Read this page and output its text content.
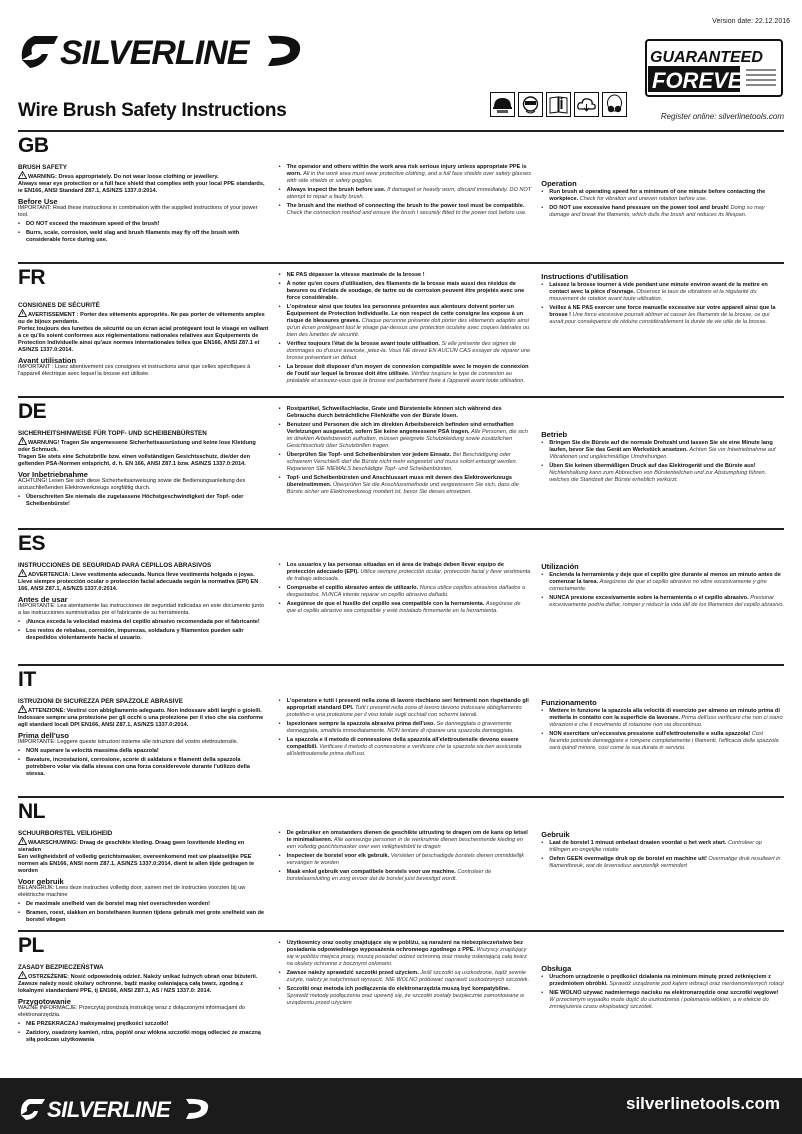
Version date: 22.12.2016
SILVERLINE	GUARANTEED
FOREVER
Wire Brush Safety Instructions	Register online: silverlinetools.com
GB

BRUSH SAFETY

WARNING: Dress appropriately. Do not wear loose clothing or jewellery.

Always wear eye protection or a full face shield that complies with your local PPE standards, ie EN166, ANSI Standard Z87.1, AS/NZS 1337.0:2014.

Before Use

IMPORTANT: Read these instructions in combination with the supplied instructions of your power tool.

• DO NOT exceed the maximum speed of the brush!
• Burrs, scale, corrosion, weld slag and brush filaments may fly off the brush with considerable force during use.
• The operator and others within the work area risk serious injury unless appropriate PPE is worn. All in the work area must wear protective clothing, and a full face shields over safety glasses with side shields or safety goggles.
• Always inspect the brush before use. If damaged or heavily worn, discard immediately. DO NOT attempt to repair a faulty brush.
• The brush and the method of connecting the brush to the power tool must be compatible. Check the connection method and ensure the brush I securely fitted to the power tool before use.

Operation

• Run brush at operating speed for a minimum of one minute before contacting the workpiece. Check for vibration and uneven rotation before use.
• DO NOT use excessive hand pressure on the power tool and brush! Doing so may damage and break the filaments, which dulls the brush and reduces its lifespan.
FR

CONSIGNES DE SÉCURITÉ

AVERTISSEMENT : Porter des vêtements appropriés. Ne pas porter de vêtements amples ou de bijoux pendants.

Portez toujours des lunettes de sécurité ou un écran acial protégeant tout le visage en vaillant à ce qu'ils soient conformes aux règlementations nationales relatives aux Equipements de Protection Individuelle ainsi qu'aux normes internationales telles que EN166, ANSI Z87.1 et AS/NZS 1337.0:2014.

Avant utilisation

IMPORTANT : Lisez attentivement ces consignes et instructions ainsi que celles spécifiques à l'appareil électrique avec lequel la brosse est utilisée.

• NE PAS dépasser la vitesse maximale de la brosse !
• À noter qu'en cours d'utilisation, des filaments de la brosse mais aussi des résidus de bavures ou d'éclats de soudage, de tartre ou de corrosion peuvent être projetés avec une force considérable.
• L'opérateur ainsi que toutes les personnes présentes aux alentours doivent porter un Équipement de Protection Individuelle. Le non respect de cette consigne les expose à un risque de blessures graves. Chaque personne présente doit porter des vêtements adaptés ainsi qu'un écran protégeant tout le visage par-dessus une protection oculaire avec coques latérales ou bien des lunettes de sécurité.
• Vérifiez toujours l'état de la brosse avant toute utilisation. Si elle présente des signes de dommages ou d'usure avancée, jetez-la. Vous NE devez EN AUCUN CAS essayer de réparer une brosse présentant un défaut.
• La brosse doit disposer d'un moyen de connexion compatible avec le moyen de connexion de l'outil sur lequel la brosse doit être utilisée. Vérifiez toujours le type de connexion au préalable et assurez-vous que la brosse est parfaitement fixée à l'appareil avant toute utilisation.

Instructions d'utilisation

• Laissez la brosse tourner à vide pendant une minute environ avant de la mettre en contact avec la pièce d'ouvrage. Observez le taux de vibrations et la régularité du mouvement de rotation avant toute utilisation.
• Veillez à NE PAS exercer une force manuelle excessive sur votre appareil ainsi que la brosse ! Une force excessive pourrait abîmer et casser les filaments de la brosse, ce qui aurait pour conséquence de réduire considérablement la durée de vie utile de la brosse.
DE

SICHERHEITSHINWEISE FÜR TOPF- UND SCHEIBENBÜRSTEN

WARNUNG! Tragen Sie angemessene Sicherheitsausrüstung und keine lose Kleidung oder Schmuck.

Tragen Sie stets eine Schutzbrille bzw. einen vollständigen Gesichtsschutz, die/der den geltenden PSA-Normen entspricht, d. h. EN 166, ANSI Z87.1 bzw. AS/NZS 1337.0:2014.

Vor Inbetriebnahme

ACHTUNG! Lesen Sie sich diese Sicherheitsanweisung sowie die Bedienungsanleitung des anzuschließenden Elektrowerkzeugs sorgfältig durch.

• Überschreiten Sie niemals die zugelassene Höchstgeschwindigkeit der Topf- oder Scheibenbürste!
• Rostpartikel, Schweißschlacke, Grate und Bürstenteile können sich während des Gebrauchs durch beträchtliche Fliehkräfte von der Bürste lösen.
• Benutzer und Personen die sich im direkten Arbeitsbereich befinden sind ernsthaften Verletzungen ausgesetzt, sofern Sie keine angemessene PSA tragen. Alle Personen, die sich im direkten Arbeitsbereich aufhalten, müssen geeignete Schutzkleidung sowie zusätzlichen Gesichtsschutz über Schutzbrillen tragen.
• Überprüfen Sie Topf- und Scheibenbürsten vor jedem Einsatz. Bei Beschädigung oder schwerem Verschleiß darf die Bürste nicht mehr eingesetzt und muss sofort entsorgt werden. Reparieren SIE NIEMALS beschädigte Topf- und Scheibenbürsten.
• Topf- und Scheibenbürsten und Anschlussart muss mit denen des Elektrowerkzeugs übereinstimmen. Überprüfen Sie die Anschlussmethode und vergewissern Sie sich, dass die Bürste sicher am Elektrowerkzeug montiert ist, bevor Sie dieses einsetzen.

Betrieb

• Bringen Sie die Bürste auf die normale Drehzahl und lassen Sie sie eine Minute lang laufen, bevor Sie das Gerät am Werkstück ansetzen. Achten Sie vor Inbetriebnahme auf Vibrationen und ungleichmäßige Umdrehungen.
• Üben Sie keinen übermäßigen Druck auf das Elektrogerät und die Bürste aus! Nichteinhaltung kann zum Abbrechen von Bürstenteilchen und zur Abstumpfung führen, welches die Standzeit der Bürste erheblich verkürzt.
ES

INSTRUCCIONES DE SEGURIDAD PARA CEPILLOS ABRASIVOS

ADVERTENCIA: Lleve vestimenta adecuada. Nunca lleve vestimenta holgada o joyas.

Lleve siempre protección ocular o protección facial adecuada según la normativa (EPI) EN 166, ANSI Z87.1, AS/NZS 1337.0:2014.

Antes de usar

IMPORTANTE: Lea atentamente las instrucciones de seguridad indicadas en este documento junto a las instrucciones suministradas por el fabricante de su herramienta.

• ¡Nunca exceda la velocidad máxima del cepillo abrasivo recomendada por el fabricante!
• Los restos de rebabas, corrosión, impurezas, soldadura y filamentos pueden salir despedidos violentamente hacia el usuario.
• Los usuarios y las personas situadas en el área de trabajo deben llevar equipo de protección adecuado (EPI). Utilice siempre protección ocular, protección facial y lleve vestimenta de trabajo adecuada.
• Compruebe el cepillo abrasivo antes de utilizarlo. Nunca utilice cepillos abrasivos dañados o desgastados. NUNCA intente reparar un cepillo abrasivo dañado.
• Asegúrese de que el husillo del cepillo sea compatible con la herramienta. Asegúrese de que el cepillo abrasivo sea compatible y esté instalado firmemente en la herramienta.

Utilización

• Encienda la herramienta y deje que el cepillo gire durante al menos un minuto antes de comenzar la tarea. Asegúrese de que el cepillo abrasivo no vibre excesivamente y gire correctamente.
• NUNCA presione excesivamente sobre la herramienta o el cepillo abrasivo. Presionar excesivamente podría dañar, romper y reducir la vida útil de los filamentos del cepillo abrasivo.
IT

ISTRUZIONI DI SICUREZZA PER SPAZZOLE ABRASIVE

ATTENZIONE: Vestirsi con abbigliamento adeguato. Non indossare abiti larghi o gioielli.

Indossare sempre una protezione per gli occhi o una protezione per il viso che sia conforme agli standard locali DPI EN166, ANSI Z87.1, AS/NZS 1337.0:2014.

Prima dell'uso

IMPORTANTE: Leggere queste istruzioni insieme alle istruzioni del vostro elettroutensile.

• NON superare la velocità massima della spazzola!
• Bavature, incrostazioni, corrosione, scorie di saldatura e filamenti della spazzola potrebbero volar via dalla stessa con una forza considerevole durante l'utilizzo della stessa.
• L'operatore e tutti i presenti nella zona di lavoro rischiano seri ferimenti non rispettando gli appropriati standard DPI. Tutti i presenti nella zona di lavoro devono indossare abbigliamento protettivo e una protezione per il viso totale sugli occhiali con schermi laterali.
• Ispezionare sempre la spazzola abrasiva prima dell'uso. Se danneggiata o gravemente danneggiata, smaltirla immediatamente. NON tentare di riparare una spazzola danneggiata.
• La spazzola e il metodo di connessione della spazzola all'elettroutensile devono essere compatibili. Verificare il metodo di connessione e verificare che la spazzola sia ben assicurata all'elettroutensile prima dell'uso.

Funzionamento

• Mettere in funzione la spazzola alla velocità di esercizio per almeno un minuto prima di metterla in contatto con la superficie da lavorare. Prima dell'uso verificare che non ci siano vibrazioni e che il movimento di rotazione non sia discontinuo.
• NON esercitare un'eccessiva pressione sull'elettroutensile e sulla spazzola! Così facendo potreste danneggiare e rompere completamente i filamenti, l'efficacia della spazzola sarà quindi minore, così come la sua durata in servizio.
NL

SCHUURBORSTEL VEILIGHEID

WAARSCHUWING: Draag de geschikte kleding. Draag geen losvttende kleding en sieraden

Een veiligheidsbril of volledig gezichtsmasker, overeenkomend met uw plaatselijke PEE normen als EN166, ANSI norm Z87.1, AS/NZS 1337.0:2014, dient te allen tijde gedragen te worden

Voor gebruik

BELANGRIJK: Lees deze instructies volledig door, samen met de instructies voorzien bij uw elektrische machine

• De maximale snelheid van de borstel mag niet overschreden worden!
• Bramen, roest, slakken en borstelharen kunnen tijdens gebruik met grote snelheid van de borstel vliegen
• De gebruiker en omstanders dienen de geschikte uitrusting te dragen om de kans op letsel te minimaliseren. Alle aanwezige personen in de werkruimte dienen beschermende kleding en een volledig gezichtsmasker over een veiligheidsbril te dragen
• Inspecteer de borstel voor elk gebruik. Versleten of beschadigde borstels dienen onmiddellijk vervangen te worden
• Maak enkel gebruik van compatibele borstels voor uw machine. Controleer de borstelaansluiting en zorg ervoor dat de borstel juist bevestigd wordt.

Gebruik

• Laat de borstel 1 minuut onbelast draaien voordat u het werk start. Controleer op trillingen en ongelijke rotatie
• Oefen GEEN overmatige druk op de borstel en machine uit! Overmatige druk resulteert in filamentbreuk, wat de levensduur aanzienlijk vermindert
PL

ZASADY BEZPIECZEŃSTWA

OSTRZEŻENIE: Nosić odpowiednią odzież. Należy unikać luźnych ubrań oraz biżuterii.

Zawsze należy nosić okulary ochronne, bądź maskę osłaniającą całą twarz, zgodną z lokalnymi standardami PPE, tj EN166, ANSI Z87.1, AS / NZS 1337.0: 2014.

Przygotowanie

WAŻNE INFORMACJE: Przeczytaj poniższą instrukcję wraz z dołączonymi informacjami do elektronarzędzia.

• NIE PRZEKRACZAJ maksymalnej prędkości szczotki!
• Zadziory, osadzony kamień, rdza, popiół oraz włókna szczotki mogą odlecieć ze znaczną siłą podczas użytkowania
• Użytkownicy oraz osoby znajdujące się w pobliżu, są narażeni na niebezpieczeństwo bez posiadania odpowiedniego wyposażenia ochronnego zgodnego z PPE. Wszyscy znajdujący się w pobliżu miejsca pracy, muszą posiadać odzież ochronną oraz maskę osłaniającą całą twarz na okulary ochronne z bocznymi osłonami.
• Zawsze należy sprawdzić szczotki przed użyciem. Jeśli szczotki są uszkodzone, bądź sewnie zużyte, należy je natychmiast wyrzucić. NIE WOLNO próbować naprawić uszkodzonych szczotek.
• Szczotki oraz metoda ich podłączenia do elektronarzędzia muszą być kompatybilne. Sprawdź metodę podłączenia oraz upewnij się, że szczotki zostały bezpiecznie zamontowane w urządzeniu przed użyciem

Obsługa

• Uruchom urządzenie o prędkości działania na minimum minutę przed zetknięciem z przedmiotem obróbki. Sprawdź urządzenie pod kątem wibracji oraz nierównomiernych rotacji
• NIE WOLNO używać nadmiernego nacisku na elektronarzędzie oraz szczotki węglowe! W przeciwnym wypadku może dojść do uszkodzenia i połamania włókien, a w efekcie do zmniejszenia czasu eksploatacji szczotek.
SILVERLINE	silverlinetools.com
